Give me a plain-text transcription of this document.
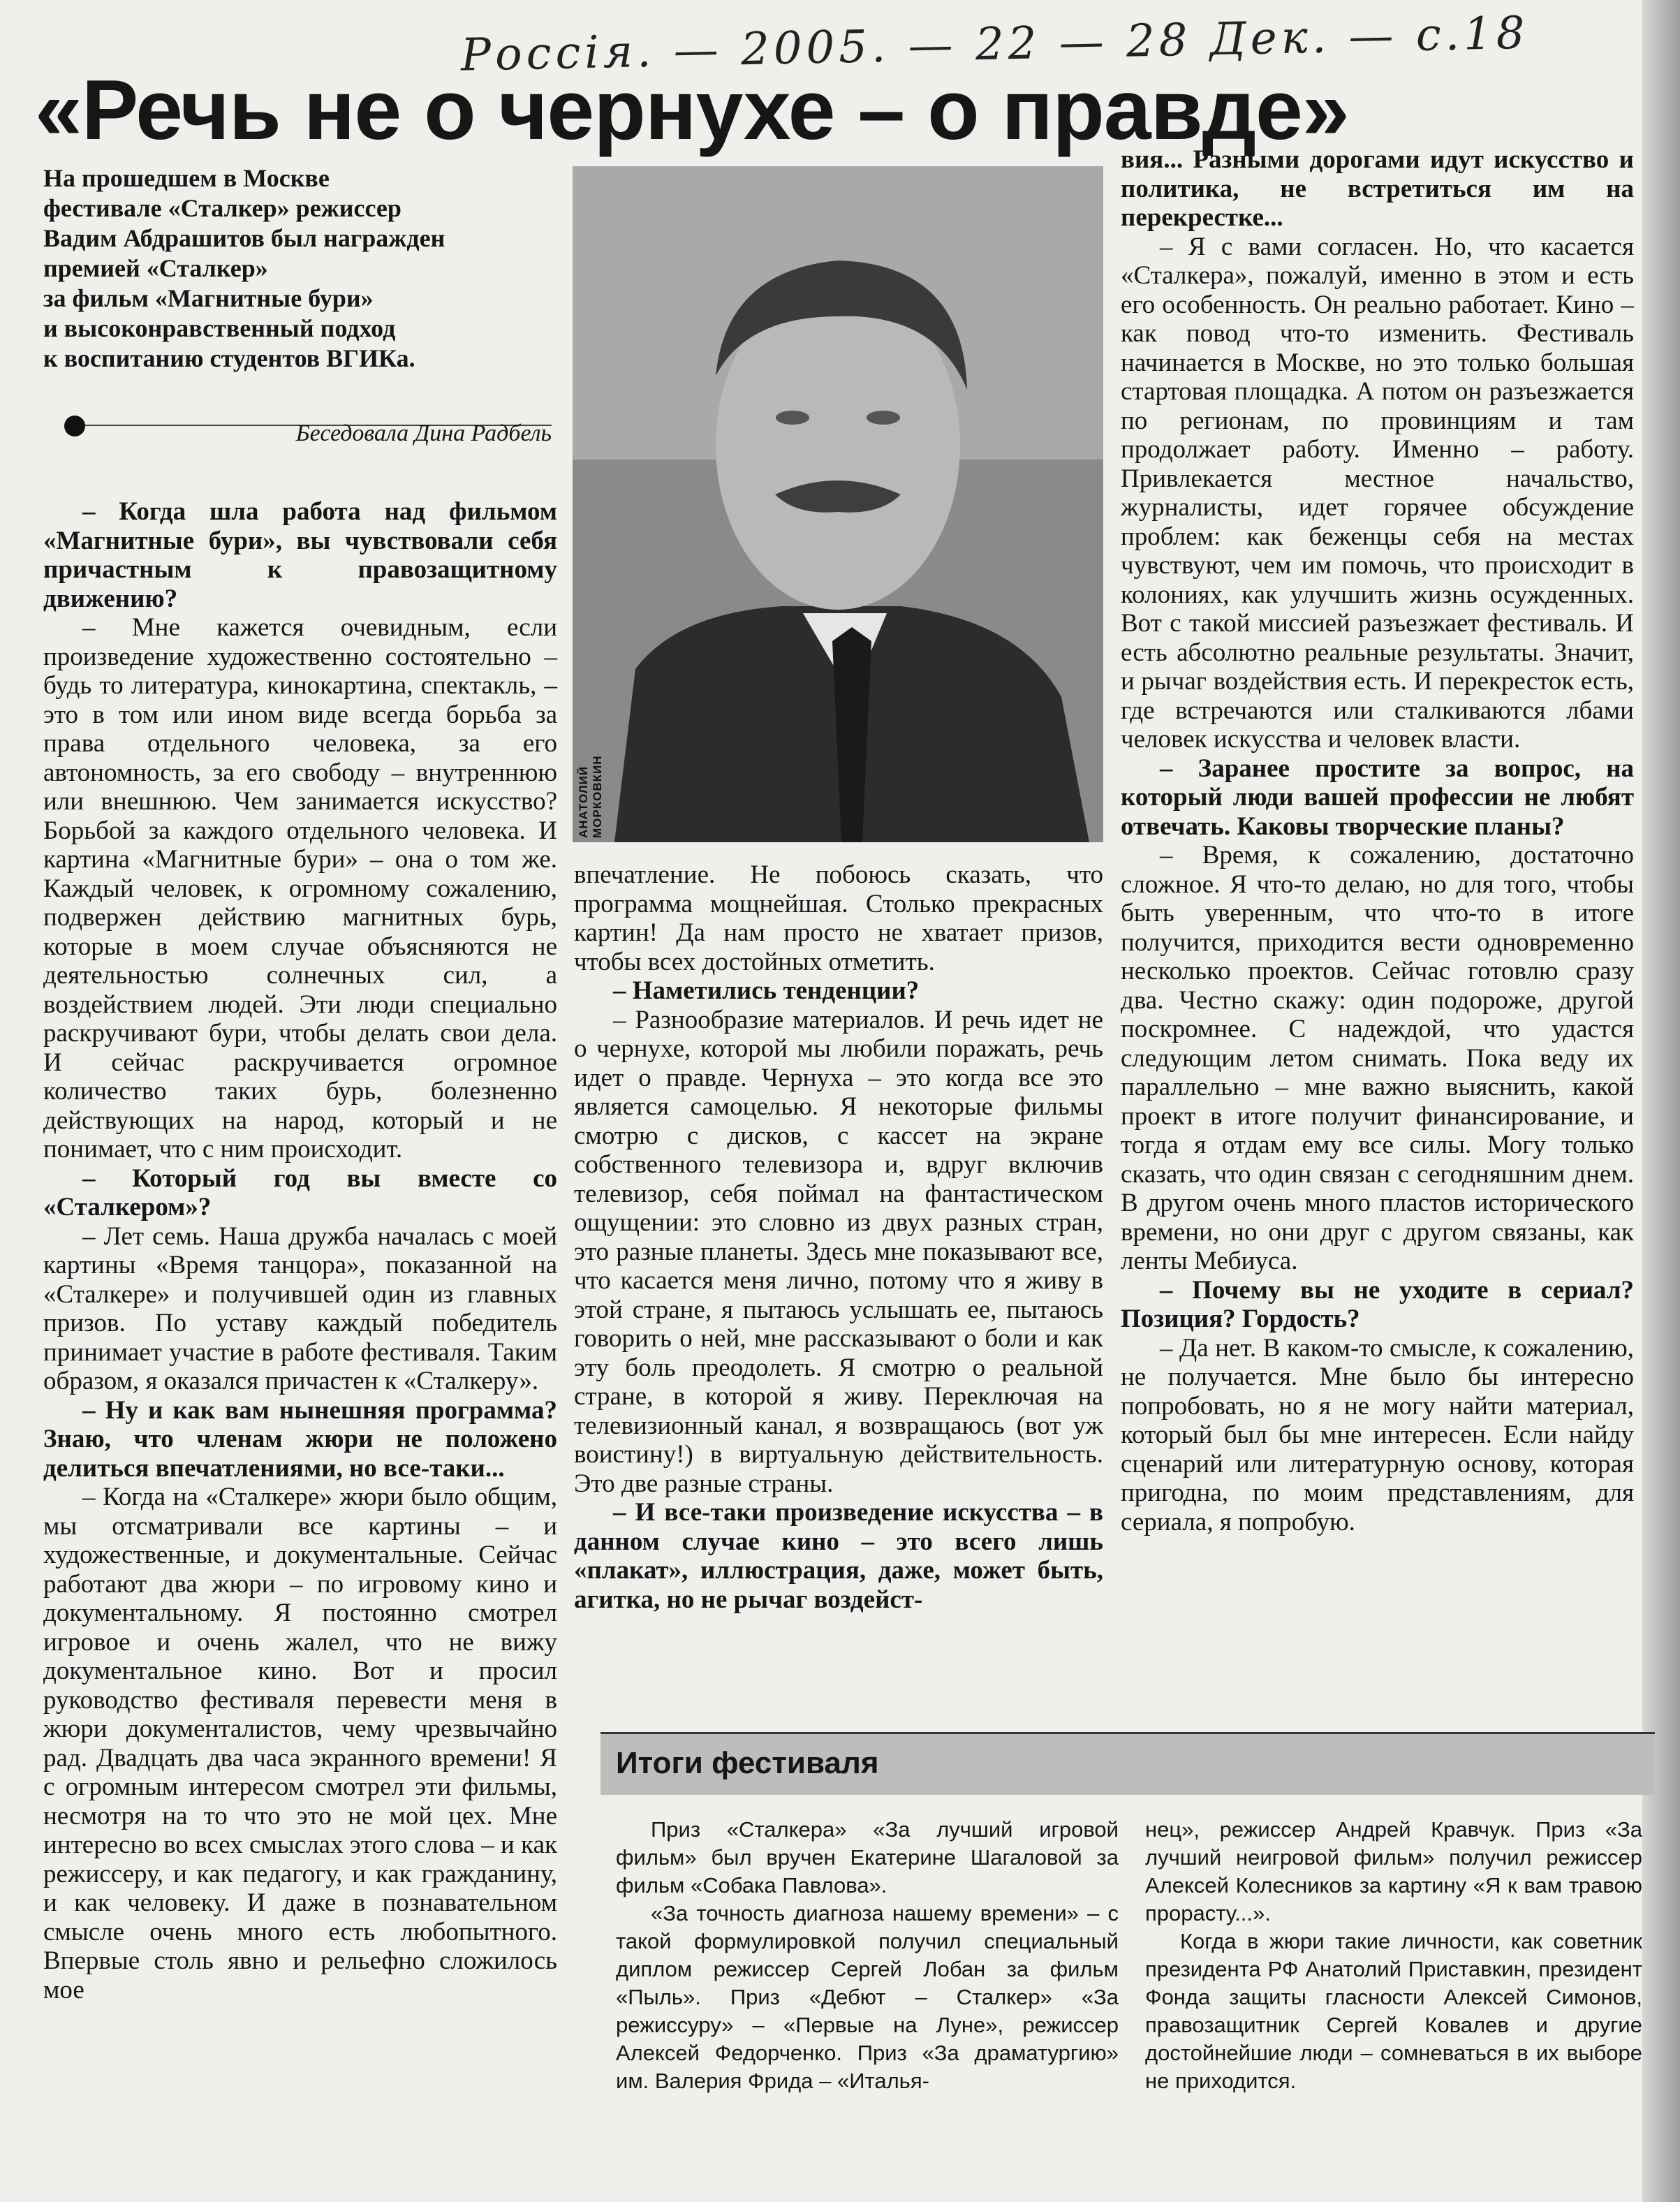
Россія. — 2005. — 22 — 28 Дек. — с.18
«Речь не о чернухе – о правде»
На прошедшем в Москве
фестивале «Сталкер» режиссер
Вадим Абдрашитов был награжден
премией «Сталкер»
за фильм «Магнитные бури»
и высоконравственный подход
к воспитанию студентов ВГИКа.
Беседовала Дина Радбель
АНАТОЛИЙ МОРКОВКИН

– Когда шла работа над фильмом «Магнитные бури», вы чувствовали себя причастным к правозащитному движению?

– Мне кажется очевидным, если произведение художественно состоятельно – будь то литература, кинокартина, спектакль, – это в том или ином виде всегда борьба за права отдельного человека, за его автономность, за его свободу – внутреннюю или внешнюю. Чем занимается искусство? Борьбой за каждого отдельного человека. И картина «Магнитные бури» – она о том же. Каждый человек, к огромному сожалению, подвержен действию магнитных бурь, которые в моем случае объясняются не деятельностью солнечных сил, а воздействием людей. Эти люди специально раскручивают бури, чтобы делать свои дела. И сейчас раскручивается огромное количество таких бурь, болезненно действующих на народ, который и не понимает, что с ним происходит.

– Который год вы вместе со «Сталкером»?

– Лет семь. Наша дружба началась с моей картины «Время танцора», показанной на «Сталкере» и получившей один из главных призов. По уставу каждый победитель принимает участие в работе фестиваля. Таким образом, я оказался причастен к «Сталкеру».

– Ну и как вам нынешняя программа? Знаю, что членам жюри не положено делиться впечатлениями, но все-таки...

– Когда на «Сталкере» жюри было общим, мы отсматривали все картины – и художественные, и документальные. Сейчас работают два жюри – по игровому кино и документальному. Я постоянно смотрел игровое и очень жалел, что не вижу документальное кино. Вот и просил руководство фестиваля перевести меня в жюри документалистов, чему чрезвычайно рад. Двадцать два часа экранного времени! Я с огромным интересом смотрел эти фильмы, несмотря на то что это не мой цех. Мне интересно во всех смыслах этого слова – и как режиссеру, и как педагогу, и как гражданину, и как человеку. И даже в познавательном смысле очень много есть любопытного. Впервые столь явно и рельефно сложилось мое

впечатление. Не побоюсь сказать, что программа мощнейшая. Столько прекрасных картин! Да нам просто не хватает призов, чтобы всех достойных отметить.

– Наметились тенденции?

– Разнообразие материалов. И речь идет не о чернухе, которой мы любили поражать, речь идет о правде. Чернуха – это когда все это является самоцелью. Я некоторые фильмы смотрю с дисков, с кассет на экране собственного телевизора и, вдруг включив телевизор, себя поймал на фантастическом ощущении: это словно из двух разных стран, это разные планеты. Здесь мне показывают все, что касается меня лично, потому что я живу в этой стране, я пытаюсь услышать ее, пытаюсь говорить о ней, мне рассказывают о боли и как эту боль преодолеть. Я смотрю о реальной стране, в которой я живу. Переключая на телевизионный канал, я возвращаюсь (вот уж воистину!) в виртуальную действительность. Это две разные страны.

– И все-таки произведение искусства – в данном случае кино – это всего лишь «плакат», иллюстрация, даже, может быть, агитка, но не рычаг воздейст-

вия... Разными дорогами идут искусство и политика, не встретиться им на перекрестке...

– Я с вами согласен. Но, что касается «Сталкера», пожалуй, именно в этом и есть его особенность. Он реально работает. Кино – как повод что-то изменить. Фестиваль начинается в Москве, но это только большая стартовая площадка. А потом он разъезжается по регионам, по провинциям и там продолжает работу. Именно – работу. Привлекается местное начальство, журналисты, идет горячее обсуждение проблем: как беженцы себя на местах чувствуют, чем им помочь, что происходит в колониях, как улучшить жизнь осужденных. Вот с такой миссией разъезжает фестиваль. И есть абсолютно реальные результаты. Значит, и рычаг воздействия есть. И перекресток есть, где встречаются или сталкиваются лбами человек искусства и человек власти.

– Заранее простите за вопрос, на который люди вашей профессии не любят отвечать. Каковы творческие планы?

– Время, к сожалению, достаточно сложное. Я что-то делаю, но для того, чтобы быть уверенным, что что-то в итоге получится, приходится вести одновременно несколько проектов. Сейчас готовлю сразу два. Честно скажу: один подороже, другой поскромнее. С надеждой, что удастся следующим летом снимать. Пока веду их параллельно – мне важно выяснить, какой проект в итоге получит финансирование, и тогда я отдам ему все силы. Могу только сказать, что один связан с сегодняшним днем. В другом очень много пластов исторического времени, но они друг с другом связаны, как ленты Мебиуса.

– Почему вы не уходите в сериал? Позиция? Гордость?

– Да нет. В каком-то смысле, к сожалению, не получается. Мне было бы интересно попробовать, но я не могу найти материал, который был бы мне интересен. Если найду сценарий или литературную основу, которая пригодна, по моим представлениям, для сериала, я попробую.

Итоги фестиваля

Приз «Сталкера» «За лучший игровой фильм» был вручен Екатерине Шагаловой за фильм «Собака Павлова».

«За точность диагноза нашему времени» – с такой формулировкой получил специальный диплом режиссер Сергей Лобан за фильм «Пыль». Приз «Дебют – Сталкер» «За режиссуру» – «Первые на Луне», режиссер Алексей Федорченко. Приз «За драматургию» им. Валерия Фрида – «Италья-

нец», режиссер Андрей Кравчук. Приз «За лучший неигровой фильм» получил режиссер Алексей Колесников за картину «Я к вам травою прорасту...».

Когда в жюри такие личности, как советник президента РФ Анатолий Приставкин, президент Фонда защиты гласности Алексей Симонов, правозащитник Сергей Ковалев и другие достойнейшие люди – сомневаться в их выборе не приходится.
